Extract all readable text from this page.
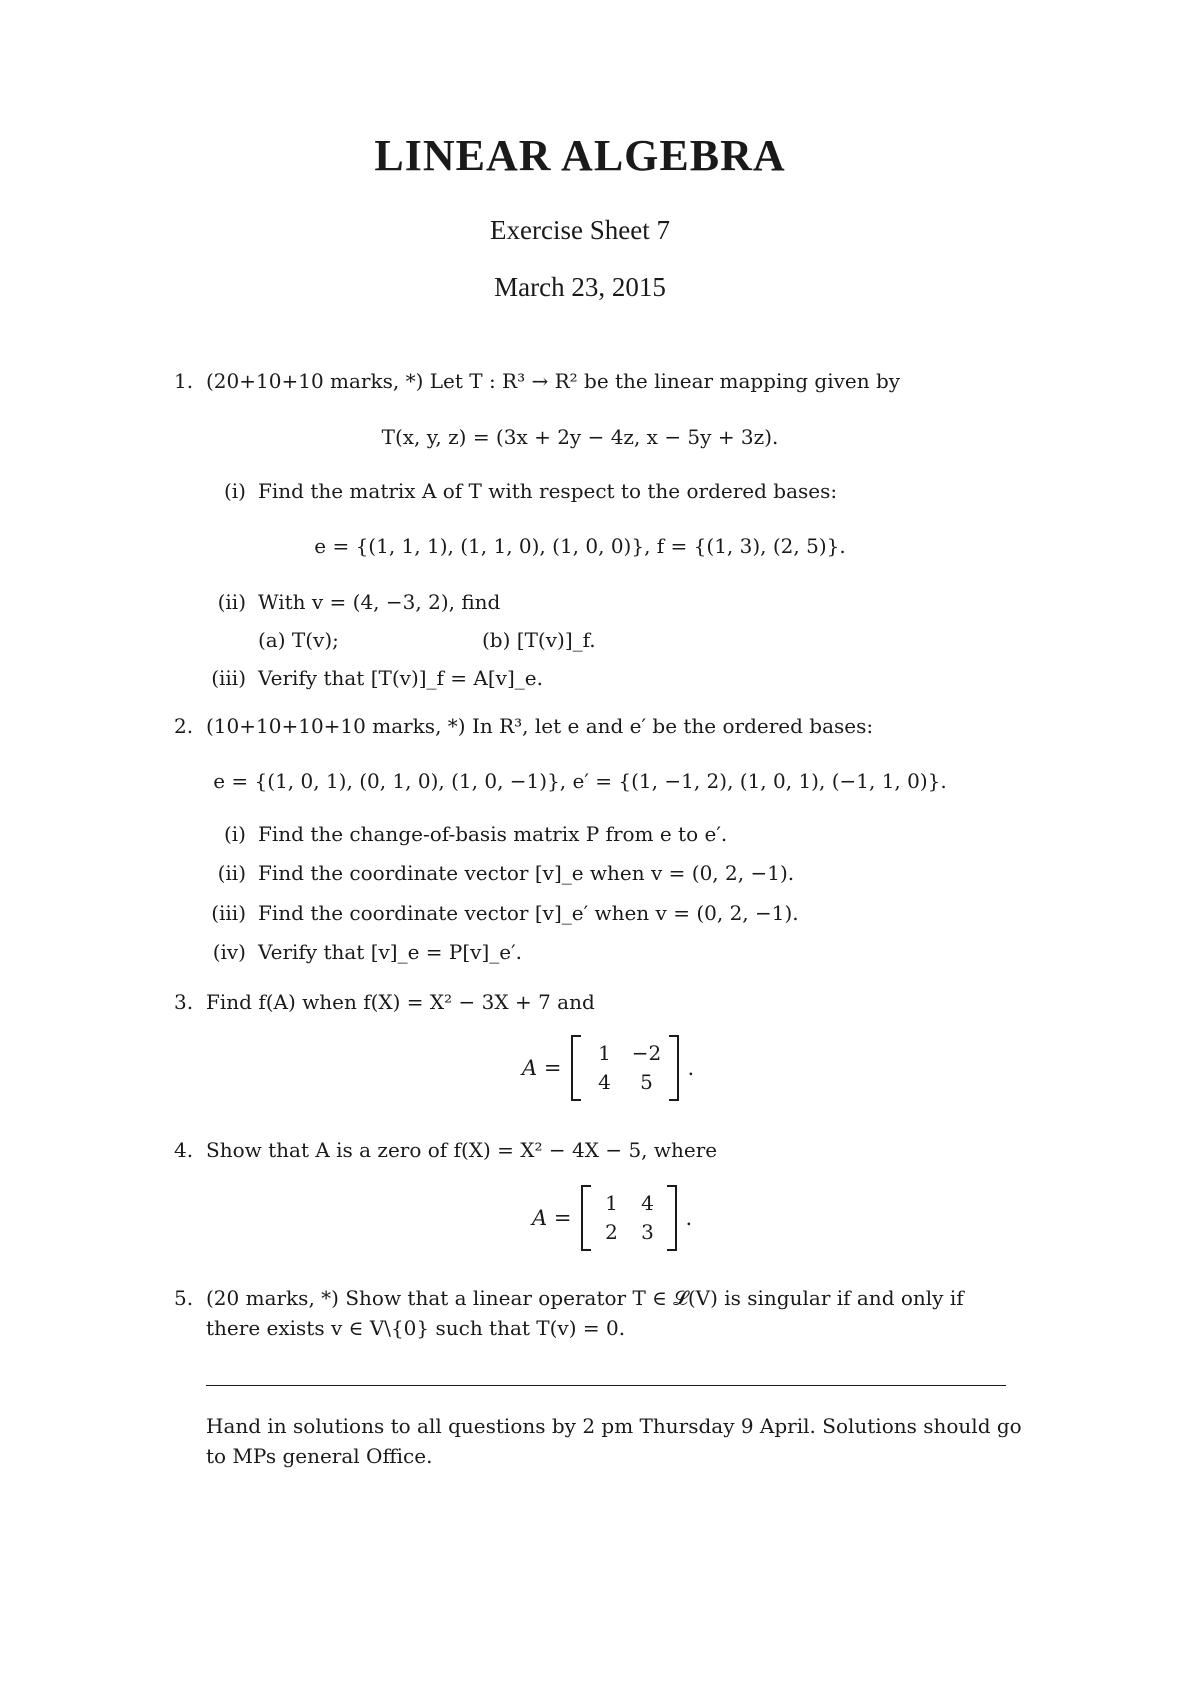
LINEAR ALGEBRA
Exercise Sheet 7
March 23, 2015
1. (20+10+10 marks, *) Let T : R³ → R² be the linear mapping given by
T(x, y, z) = (3x + 2y − 4z, x − 5y + 3z).
(i) Find the matrix A of T with respect to the ordered bases:
e = {(1, 1, 1), (1, 1, 0), (1, 0, 0)}, f = {(1, 3), (2, 5)}.
(ii) With v = (4, −3, 2), find
(a) T(v);	(b) [T(v)]_f.
(iii) Verify that [T(v)]_f = A[v]_e.
2. (10+10+10+10 marks, *) In R³, let e and e′ be the ordered bases:
e = {(1, 0, 1), (0, 1, 0), (1, 0, −1)}, e′ = {(1, −1, 2), (1, 0, 1), (−1, 1, 0)}.
(i) Find the change-of-basis matrix P from e to e′.
(ii) Find the coordinate vector [v]_e when v = (0, 2, −1).
(iii) Find the coordinate vector [v]_e′ when v = (0, 2, −1).
(iv) Verify that [v]_e = P[v]_e′.
3. Find f(A) when f(X) = X² − 3X + 7 and
A =
1	−2
4	5
.
4. Show that A is a zero of f(X) = X² − 4X − 5, where
A =
1	4
2	3
.
5. (20 marks, *) Show that a linear operator T ∈ 𝓛(V) is singular if and only if
there exists v ∈ V\{0} such that T(v) = 0.
Hand in solutions to all questions by 2 pm Thursday 9 April. Solutions should go to MPs general Office.
